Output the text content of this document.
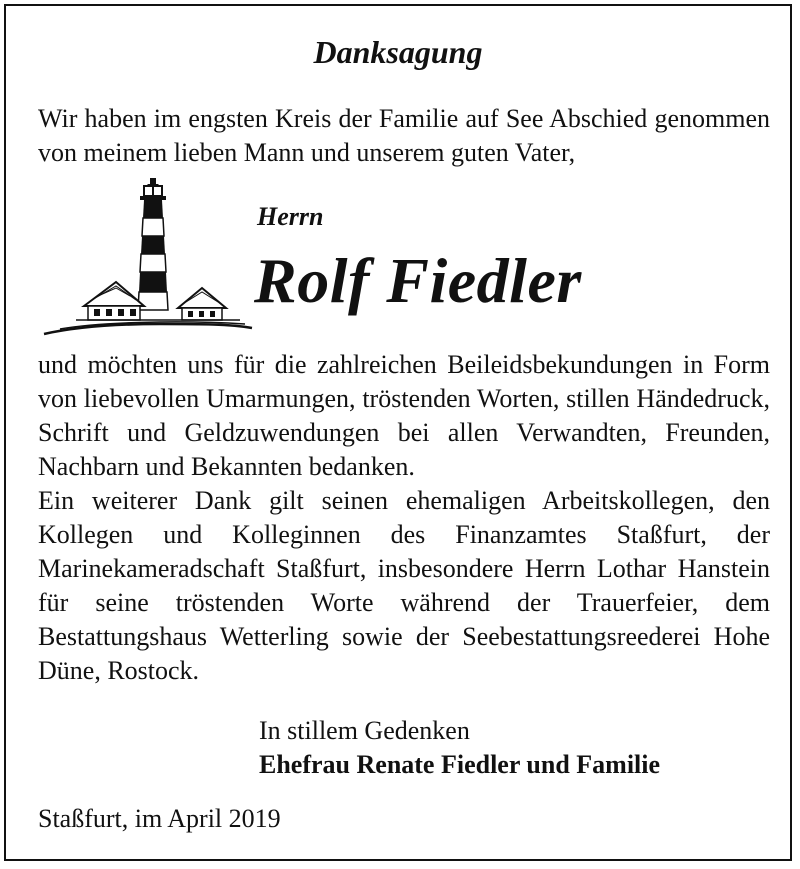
Danksagung
Wir haben im engsten Kreis der Familie auf See Abschied genommen von meinem lieben Mann und unserem guten Vater,
Herrn
Rolf Fiedler
und möchten uns für die zahlreichen Beileidsbekundungen in Form von liebevollen Umarmungen, tröstenden Worten, stillen Händedruck, Schrift und Geldzuwendungen bei allen Verwandten, Freunden, Nachbarn und Bekannten bedanken.
Ein weiterer Dank gilt seinen ehemaligen Arbeitskollegen, den Kollegen und Kolleginnen des Finanzamtes Staßfurt, der Marinekameradschaft Staßfurt, insbesondere Herrn Lothar Hanstein für seine tröstenden Worte während der Trauerfeier, dem Bestattungshaus Wetterling sowie der Seebestattungsreederei Hohe Düne, Rostock.
In stillem Gedenken
Ehefrau Renate Fiedler und Familie
Staßfurt, im April 2019
